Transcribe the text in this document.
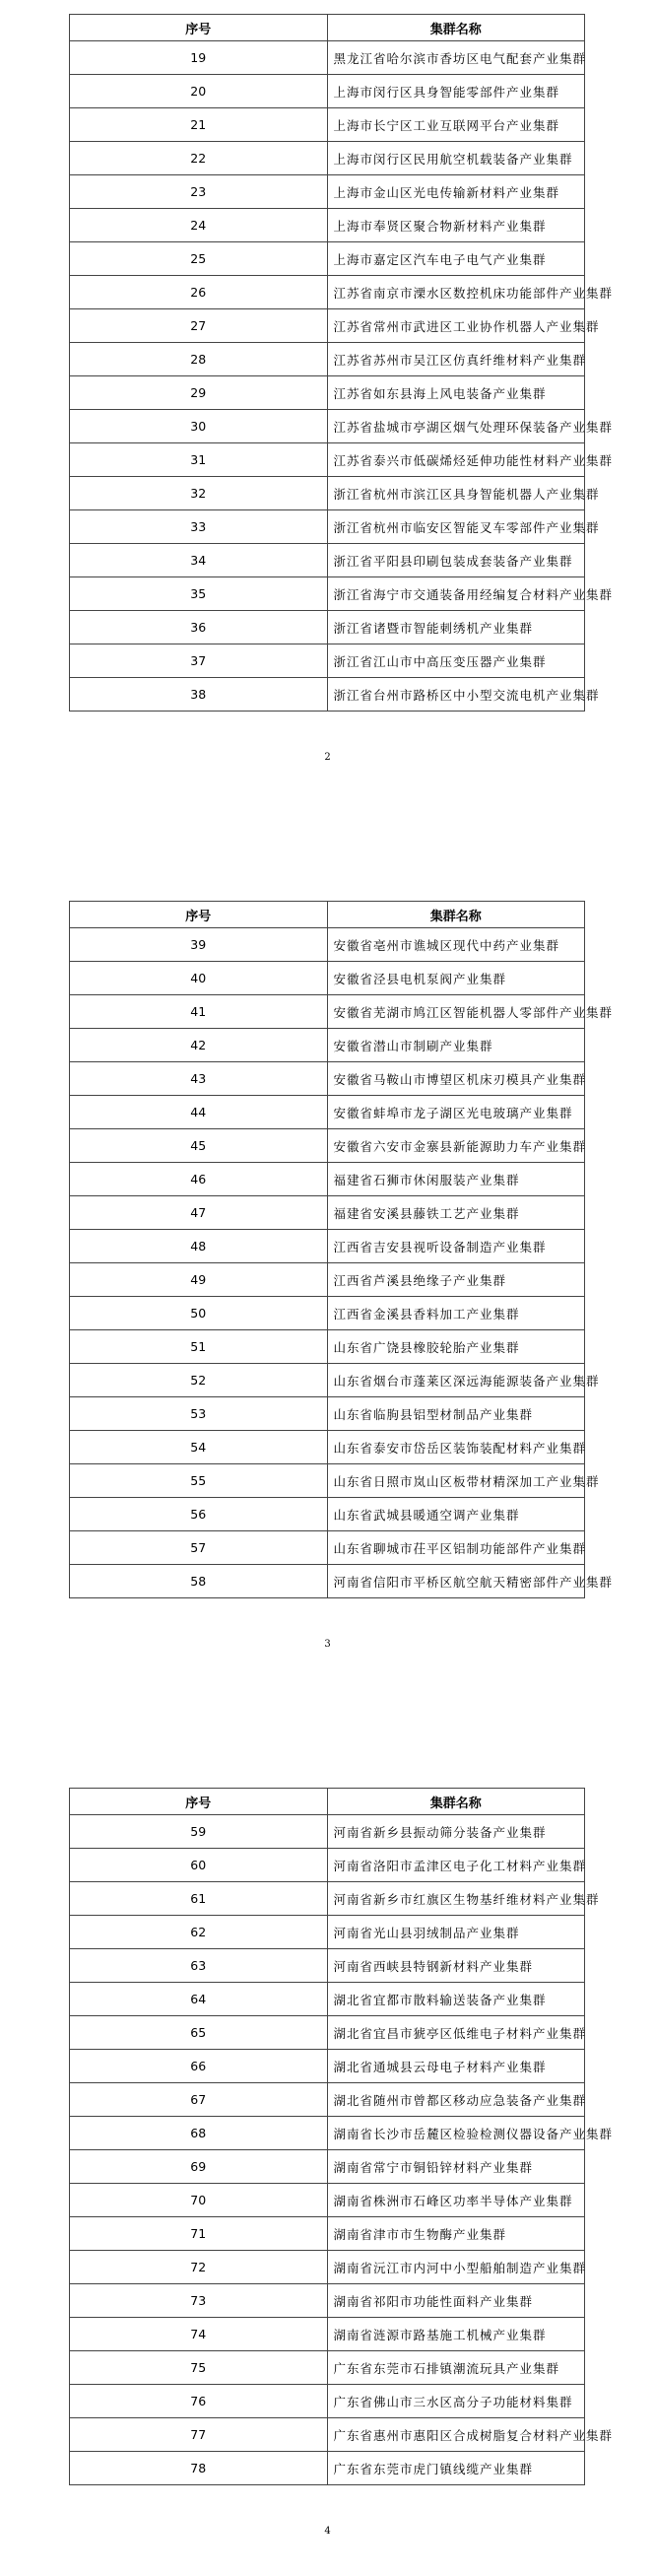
序号	集群名称
19	黑龙江省哈尔滨市香坊区电气配套产业集群
20	上海市闵行区具身智能零部件产业集群
21	上海市长宁区工业互联网平台产业集群
22	上海市闵行区民用航空机载装备产业集群
23	上海市金山区光电传输新材料产业集群
24	上海市奉贤区聚合物新材料产业集群
25	上海市嘉定区汽车电子电气产业集群
26	江苏省南京市溧水区数控机床功能部件产业集群
27	江苏省常州市武进区工业协作机器人产业集群
28	江苏省苏州市吴江区仿真纤维材料产业集群
29	江苏省如东县海上风电装备产业集群
30	江苏省盐城市亭湖区烟气处理环保装备产业集群
31	江苏省泰兴市低碳烯烃延伸功能性材料产业集群
32	浙江省杭州市滨江区具身智能机器人产业集群
33	浙江省杭州市临安区智能叉车零部件产业集群
34	浙江省平阳县印刷包装成套装备产业集群
35	浙江省海宁市交通装备用经编复合材料产业集群
36	浙江省诸暨市智能刺绣机产业集群
37	浙江省江山市中高压变压器产业集群
38	浙江省台州市路桥区中小型交流电机产业集群
2
序号	集群名称
39	安徽省亳州市谯城区现代中药产业集群
40	安徽省泾县电机泵阀产业集群
41	安徽省芜湖市鸠江区智能机器人零部件产业集群
42	安徽省潜山市制刷产业集群
43	安徽省马鞍山市博望区机床刃模具产业集群
44	安徽省蚌埠市龙子湖区光电玻璃产业集群
45	安徽省六安市金寨县新能源助力车产业集群
46	福建省石狮市休闲服装产业集群
47	福建省安溪县藤铁工艺产业集群
48	江西省吉安县视听设备制造产业集群
49	江西省芦溪县绝缘子产业集群
50	江西省金溪县香料加工产业集群
51	山东省广饶县橡胶轮胎产业集群
52	山东省烟台市蓬莱区深远海能源装备产业集群
53	山东省临朐县铝型材制品产业集群
54	山东省泰安市岱岳区装饰装配材料产业集群
55	山东省日照市岚山区板带材精深加工产业集群
56	山东省武城县暖通空调产业集群
57	山东省聊城市茌平区铝制功能部件产业集群
58	河南省信阳市平桥区航空航天精密部件产业集群
3
序号	集群名称
59	河南省新乡县振动筛分装备产业集群
60	河南省洛阳市孟津区电子化工材料产业集群
61	河南省新乡市红旗区生物基纤维材料产业集群
62	河南省光山县羽绒制品产业集群
63	河南省西峡县特钢新材料产业集群
64	湖北省宜都市散料输送装备产业集群
65	湖北省宜昌市猇亭区低维电子材料产业集群
66	湖北省通城县云母电子材料产业集群
67	湖北省随州市曾都区移动应急装备产业集群
68	湖南省长沙市岳麓区检验检测仪器设备产业集群
69	湖南省常宁市铜铅锌材料产业集群
70	湖南省株洲市石峰区功率半导体产业集群
71	湖南省津市市生物酶产业集群
72	湖南省沅江市内河中小型船舶制造产业集群
73	湖南省祁阳市功能性面料产业集群
74	湖南省涟源市路基施工机械产业集群
75	广东省东莞市石排镇潮流玩具产业集群
76	广东省佛山市三水区高分子功能材料集群
77	广东省惠州市惠阳区合成树脂复合材料产业集群
78	广东省东莞市虎门镇线缆产业集群
4
